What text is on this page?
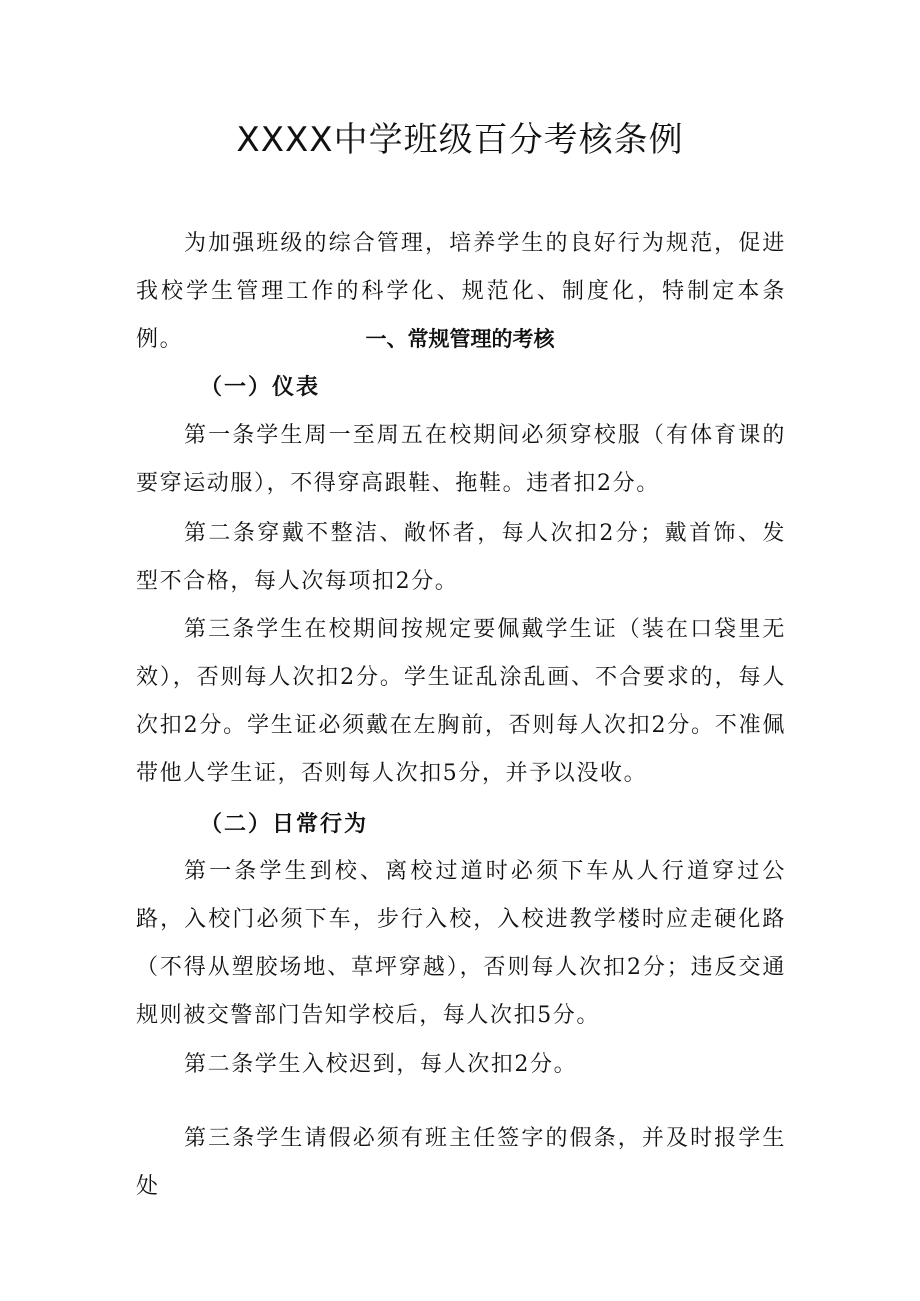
XXXX中学班级百分考核条例

为加强班级的综合管理，培养学生的良好行为规范，促进我校学生管理工作的科学化、规范化、制度化，特制定本条例。	一、常规管理的考核
（一）仪表

第一条学生周一至周五在校期间必须穿校服（有体育课的要穿运动服），不得穿高跟鞋、拖鞋。违者扣2分。

第二条穿戴不整洁、敞怀者，每人次扣2分；戴首饰、发型不合格，每人次每项扣2分。

第三条学生在校期间按规定要佩戴学生证（装在口袋里无效），否则每人次扣2分。学生证乱涂乱画、不合要求的，每人次扣2分。学生证必须戴在左胸前，否则每人次扣2分。不准佩带他人学生证，否则每人次扣5分，并予以没收。

（二）日常行为

第一条学生到校、离校过道时必须下车从人行道穿过公路，入校门必须下车，步行入校，入校进教学楼时应走硬化路（不得从塑胶场地、草坪穿越），否则每人次扣2分；违反交通规则被交警部门告知学校后，每人次扣5分。

第二条学生入校迟到，每人次扣2分。

第三条学生请假必须有班主任签字的假条，并及时报学生处
